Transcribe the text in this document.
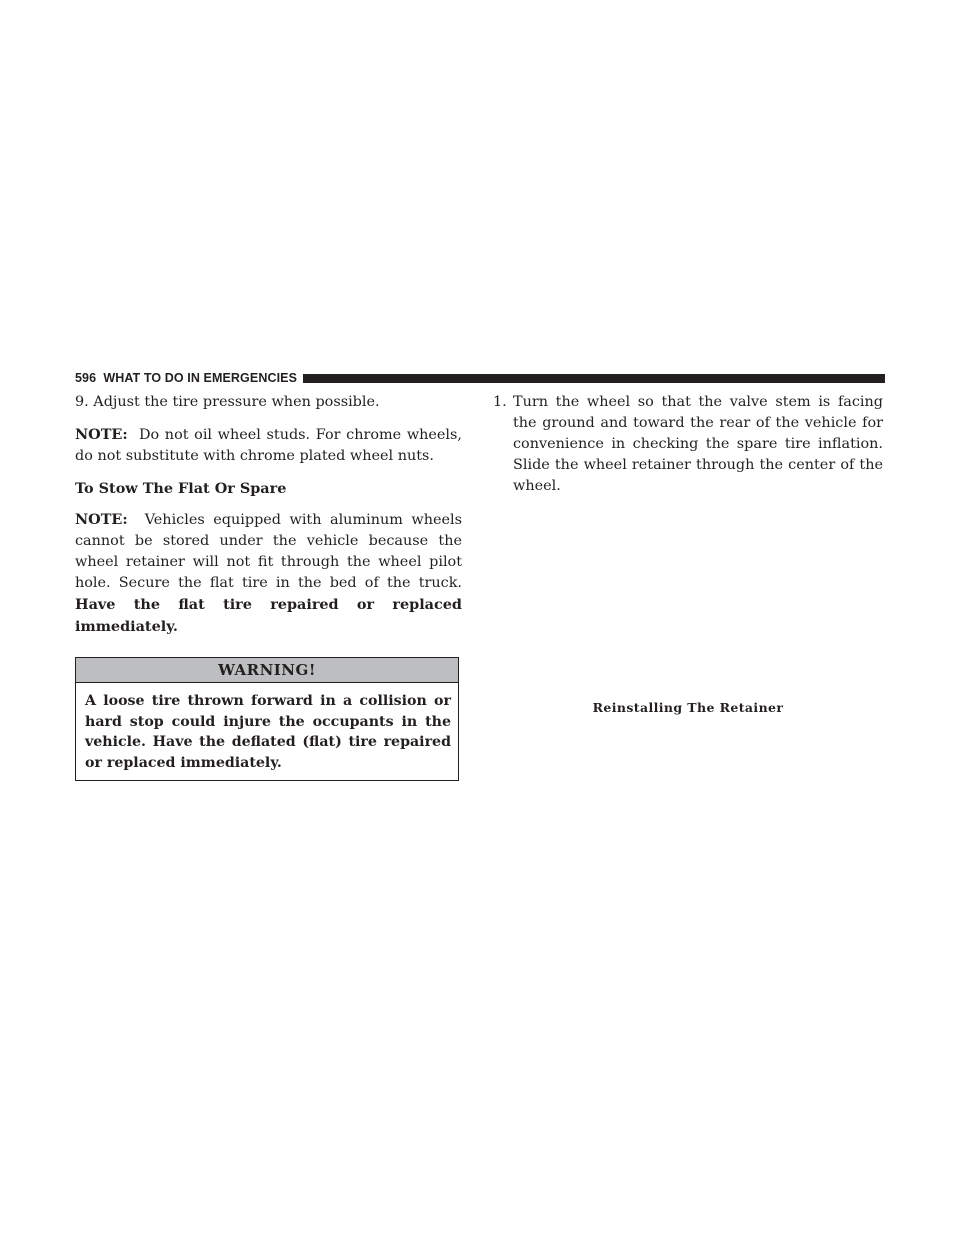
596 WHAT TO DO IN EMERGENCIES

9. Adjust the tire pressure when possible.

NOTE: Do not oil wheel studs. For chrome wheels, do not substitute with chrome plated wheel nuts.

To Stow The Flat Or Spare

NOTE: Vehicles equipped with aluminum wheels cannot be stored under the vehicle because the wheel retainer will not fit through the wheel pilot hole. Secure the flat tire in the bed of the truck. Have the flat tire repaired or replaced immediately.

WARNING!
A loose tire thrown forward in a collision or hard stop could injure the occupants in the vehicle. Have the deflated (flat) tire repaired or replaced immediately.
1. Turn the wheel so that the valve stem is facing the ground and toward the rear of the vehicle for convenience in checking the spare tire inflation. Slide the wheel retainer through the center of the wheel.
Reinstalling The Retainer
